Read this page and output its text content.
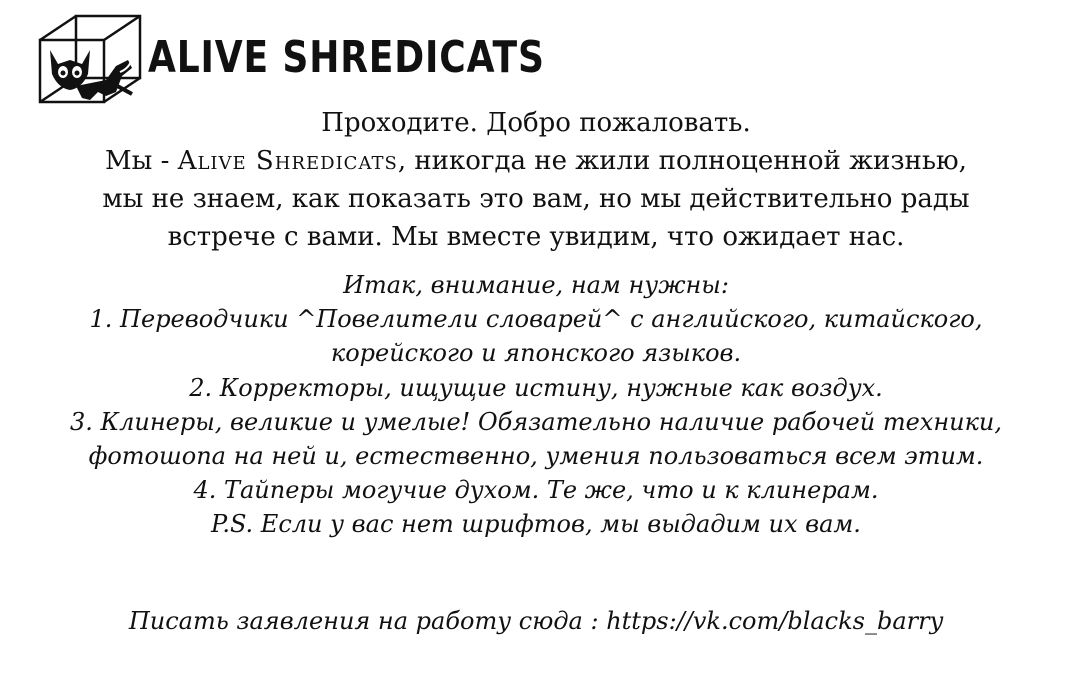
ALIVE SHREDICATS
Проходите. Добро пожаловать.
Мы - Alive Shredicats, никогда не жили полноценной жизнью,
мы не знаем, как показать это вам, но мы действительно рады
встрече с вами. Мы вместе увидим, что ожидает нас.
Итак, внимание, нам нужны:
1. Переводчики ^Повелители словарей^ с английского, китайского,
корейского и японского языков.
2. Корректоры, ищущие истину, нужные как воздух.
3. Клинеры, великие и умелые! Обязательно наличие рабочей техники,
фотошопа на ней и, естественно, умения пользоваться всем этим.
4. Тайперы могучие духом. Те же, что и к клинерам.
P.S. Если у вас нет шрифтов, мы выдадим их вам.
Писать заявления на работу сюда : https://vk.com/blacks_barry
